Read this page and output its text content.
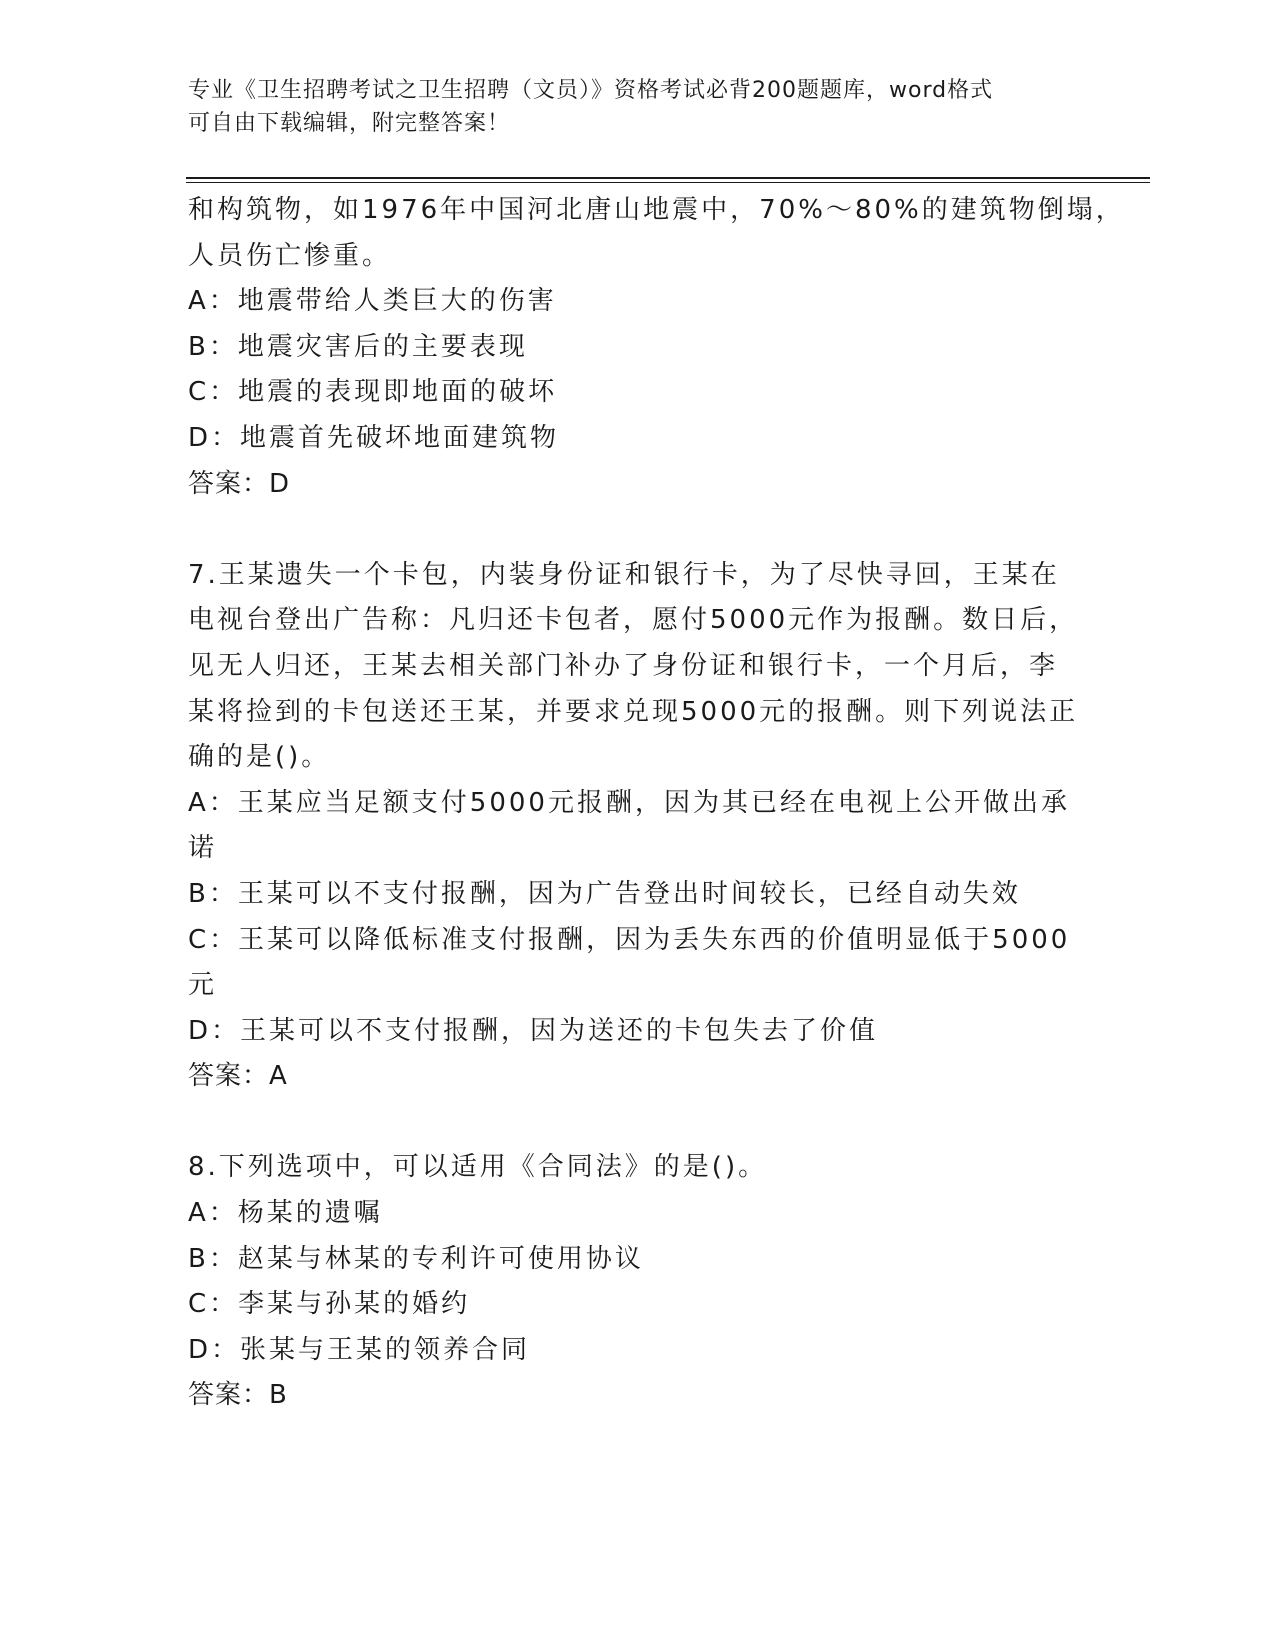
专业《卫生招聘考试之卫生招聘（文员）》资格考试必背200题题库，word格式
可自由下载编辑，附完整答案！

和构筑物，如1976年中国河北唐山地震中，70%～80%的建筑物倒塌，

人员伤亡惨重。

A：地震带给人类巨大的伤害

B：地震灾害后的主要表现

C：地震的表现即地面的破坏

D：地震首先破坏地面建筑物

答案：D

7.王某遗失一个卡包，内装身份证和银行卡，为了尽快寻回，王某在

电视台登出广告称：凡归还卡包者，愿付5000元作为报酬。数日后，

见无人归还，王某去相关部门补办了身份证和银行卡，一个月后，李

某将捡到的卡包送还王某，并要求兑现5000元的报酬。则下列说法正

确的是()。

A：王某应当足额支付5000元报酬，因为其已经在电视上公开做出承

诺

B：王某可以不支付报酬，因为广告登出时间较长，已经自动失效

C：王某可以降低标准支付报酬，因为丢失东西的价值明显低于5000

元

D：王某可以不支付报酬，因为送还的卡包失去了价值

答案：A

8.下列选项中，可以适用《合同法》的是()。

A：杨某的遗嘱

B：赵某与林某的专利许可使用协议

C：李某与孙某的婚约

D：张某与王某的领养合同

答案：B
